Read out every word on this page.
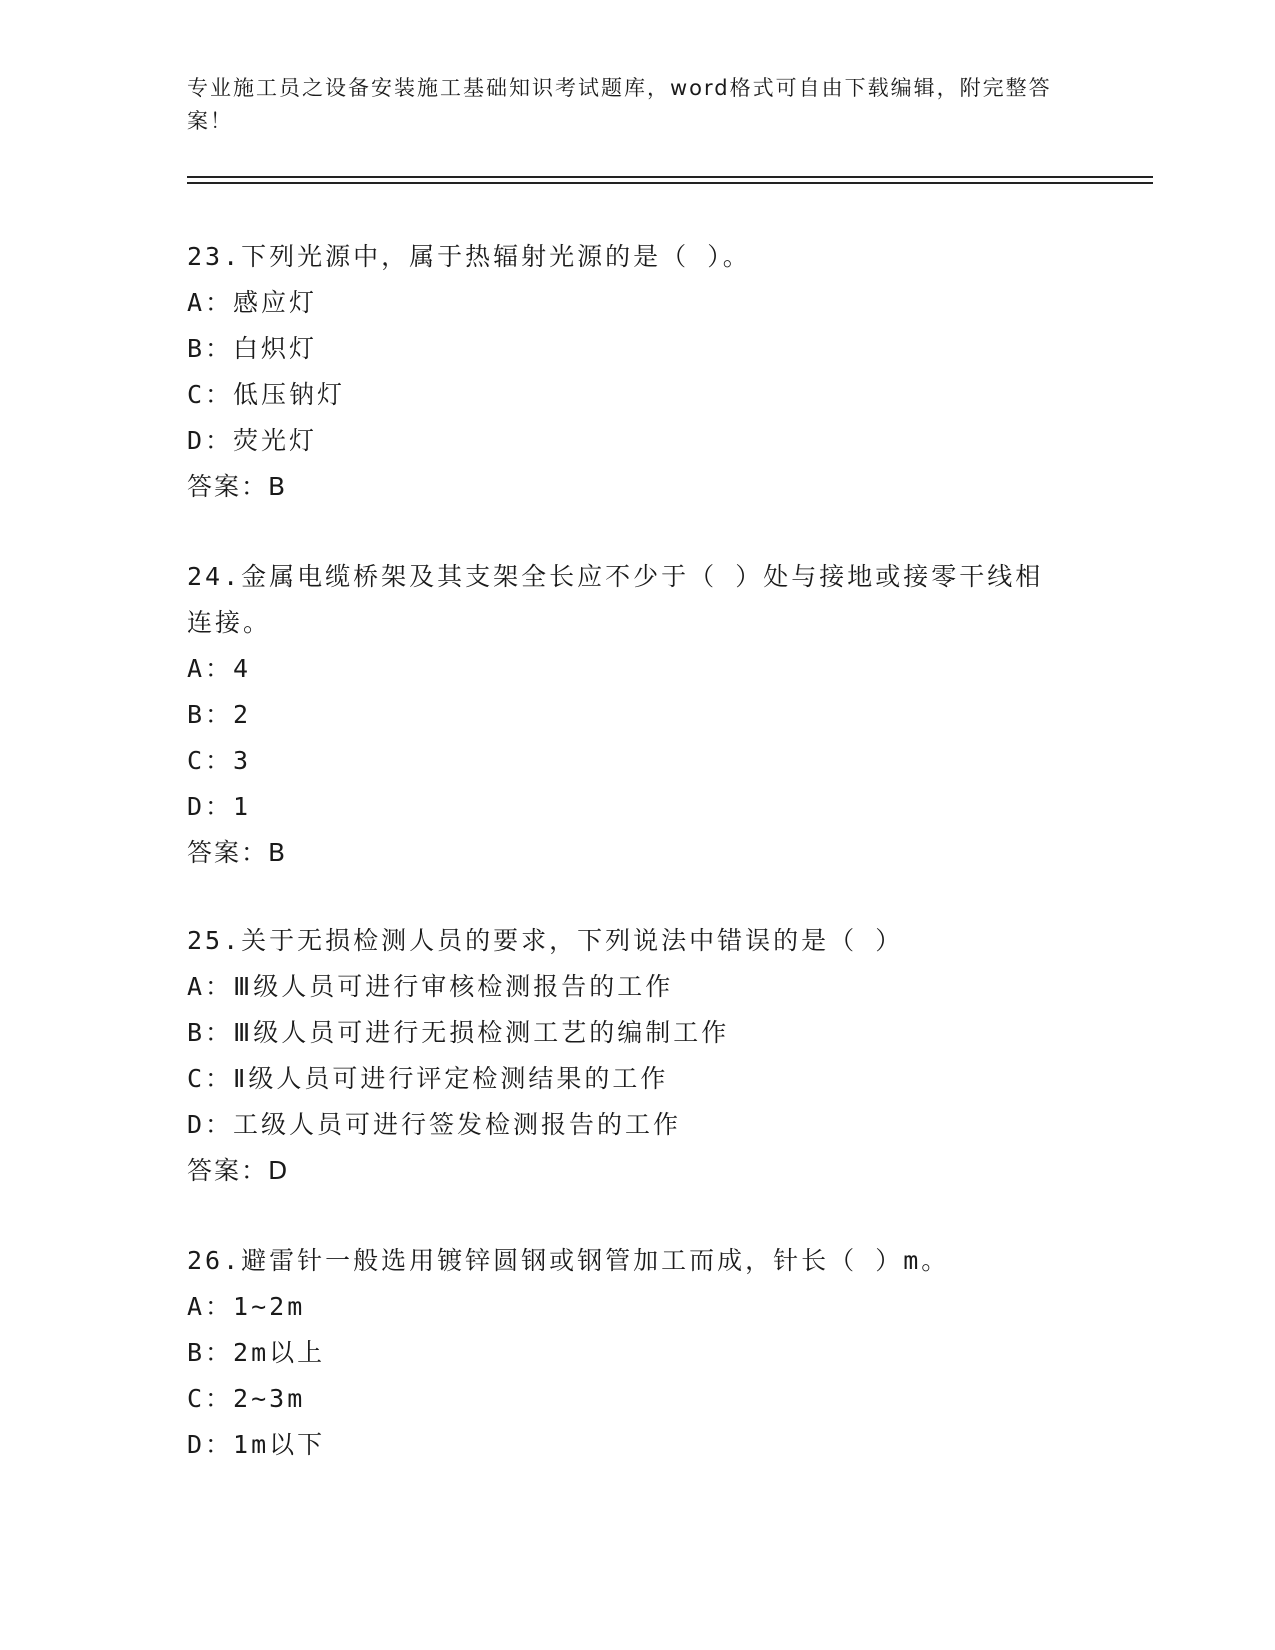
专业施工员之设备安装施工基础知识考试题库，word格式可自由下载编辑，附完整答案！

23.下列光源中，属于热辐射光源的是（ ）。

A：感应灯

B：白炽灯

C：低压钠灯

D：荧光灯

答案：B

24.金属电缆桥架及其支架全长应不少于（ ）处与接地或接零干线相连接。

A：4

B：2

C：3

D：1

答案：B

25.关于无损检测人员的要求，下列说法中错误的是（ ）

A：Ⅲ级人员可进行审核检测报告的工作

B：Ⅲ级人员可进行无损检测工艺的编制工作

C：Ⅱ级人员可进行评定检测结果的工作

D：工级人员可进行签发检测报告的工作

答案：D

26.避雷针一般选用镀锌圆钢或钢管加工而成，针长（ ）m。

A：1~2m

B：2m以上

C：2~3m

D：1m以下
